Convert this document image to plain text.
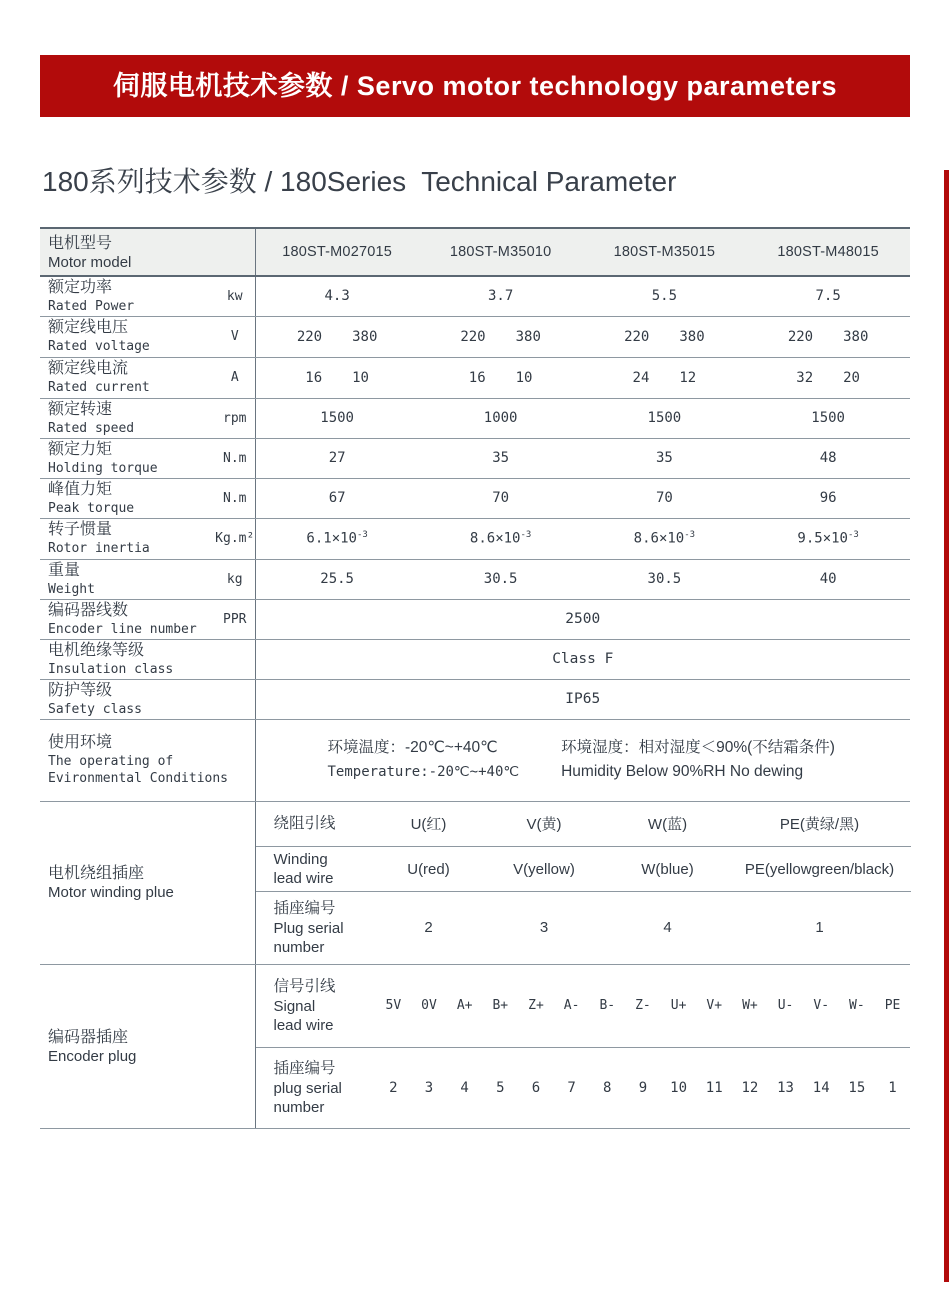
伺服电机技术参数 / Servo motor technology parameters
180系列技术参数 / 180Series  Technical Parameter
电机型号
Motor model
		180ST-M027015	180ST-M35010	180ST-M35015	180ST-M48015

额定功率
Rated Power
	kw	4.3	3.7	5.5	7.5

额定线电压
Rated voltage
	V	220 380	220 380	220 380	220 380

额定线电流
Rated current
	A	16 10	16 10	24 12	32 20

额定转速
Rated speed
	rpm	1500	1000	1500	1500

额定力矩
Holding torque
	N.m	27	35	35	48

峰值力矩
Peak torque
	N.m	67	70	70	96

转子惯量
Rotor inertia
	Kg.m²	$6.1\times 10^{-3}$	$8.6\times 10^{-3}$	$8.6\times 10^{-3}$	$9.5\times 10^{-3}$

重量
Weight
	kg	25.5	30.5	30.5	40

编码器线数
Encoder line number
	PPR	2500

电机绝缘等级
Insulation class
		Class F

防护等级
Safety class
		IP65

使用环境
The operating of
Evironmental Conditions

环境温度：-20℃~+40℃
Temperature:-20℃~+40℃
环境湿度：相对湿度＜90%(不结霜条件)
Humidity Below 90%RH No dewing

电机绕组插座
Motor winding plue

绕阻引线	U(红)	V(黄)	W(蓝)	PE(黄绿/黑)

Winding
lead wire
	U(red)	V(yellow)	W(blue)	PE(yellowgreen/black)

插座编号
Plug serial
number
	2	3	4	1

编码器插座
Encoder plug

信号引线
Signal
lead wire
	5V	0V	A+	B+	Z+	A-	B-	Z-	U+	V+	W+	U-	V-	W-	PE

插座编号
plug serial
number
	2	3	4	5	6	7	8	9	10	11	12	13	14	15	1
